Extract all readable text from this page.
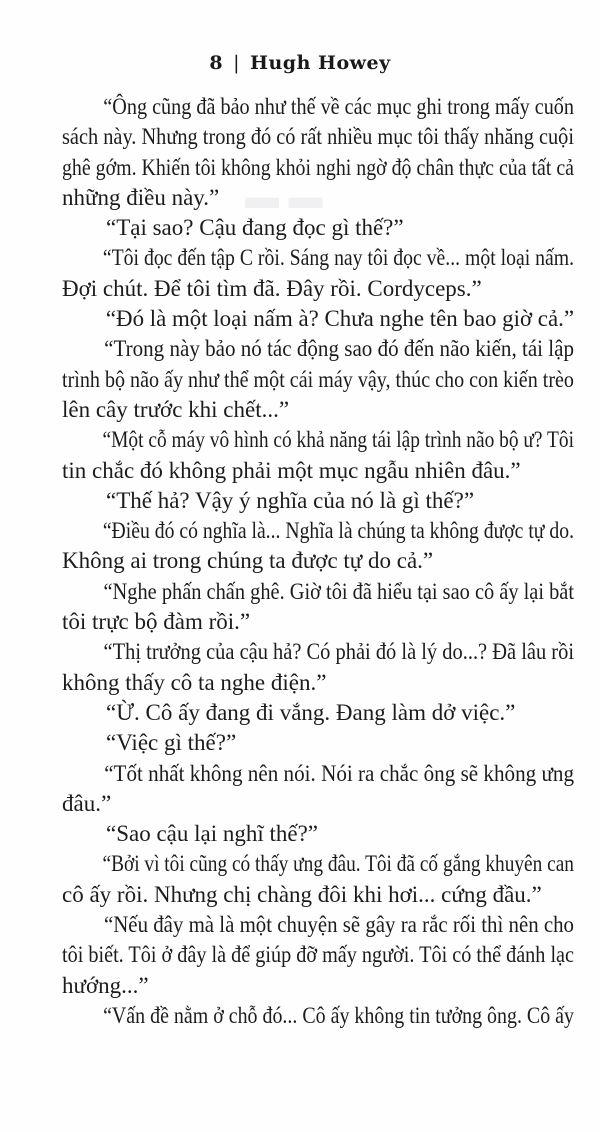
8 | Hugh Howey
▬ ▬
“Ông cũng đã bảo như thế về các mục ghi trong mấy cuốn
sách này. Nhưng trong đó có rất nhiều mục tôi thấy nhăng cuội
ghê gớm. Khiến tôi không khỏi nghi ngờ độ chân thực của tất cả
những điều này.”
“Tại sao? Cậu đang đọc gì thế?”
“Tôi đọc đến tập C rồi. Sáng nay tôi đọc về... một loại nấm.
Đợi chút. Để tôi tìm đã. Đây rồi. Cordyceps.”
“Đó là một loại nấm à? Chưa nghe tên bao giờ cả.”
“Trong này bảo nó tác động sao đó đến não kiến, tái lập
trình bộ não ấy như thể một cái máy vậy, thúc cho con kiến trèo
lên cây trước khi chết...”
“Một cỗ máy vô hình có khả năng tái lập trình não bộ ư? Tôi
tin chắc đó không phải một mục ngẫu nhiên đâu.”
“Thế hả? Vậy ý nghĩa của nó là gì thế?”
“Điều đó có nghĩa là... Nghĩa là chúng ta không được tự do.
Không ai trong chúng ta được tự do cả.”
“Nghe phấn chấn ghê. Giờ tôi đã hiểu tại sao cô ấy lại bắt
tôi trực bộ đàm rồi.”
“Thị trưởng của cậu hả? Có phải đó là lý do...? Đã lâu rồi
không thấy cô ta nghe điện.”
“Ừ. Cô ấy đang đi vắng. Đang làm dở việc.”
“Việc gì thế?”
“Tốt nhất không nên nói. Nói ra chắc ông sẽ không ưng
đâu.”
“Sao cậu lại nghĩ thế?”
“Bởi vì tôi cũng có thấy ưng đâu. Tôi đã cố gắng khuyên can
cô ấy rồi. Nhưng chị chàng đôi khi hơi... cứng đầu.”
“Nếu đây mà là một chuyện sẽ gây ra rắc rối thì nên cho
tôi biết. Tôi ở đây là để giúp đỡ mấy người. Tôi có thể đánh lạc
hướng...”
“Vấn đề nằm ở chỗ đó... Cô ấy không tin tưởng ông. Cô ấy
